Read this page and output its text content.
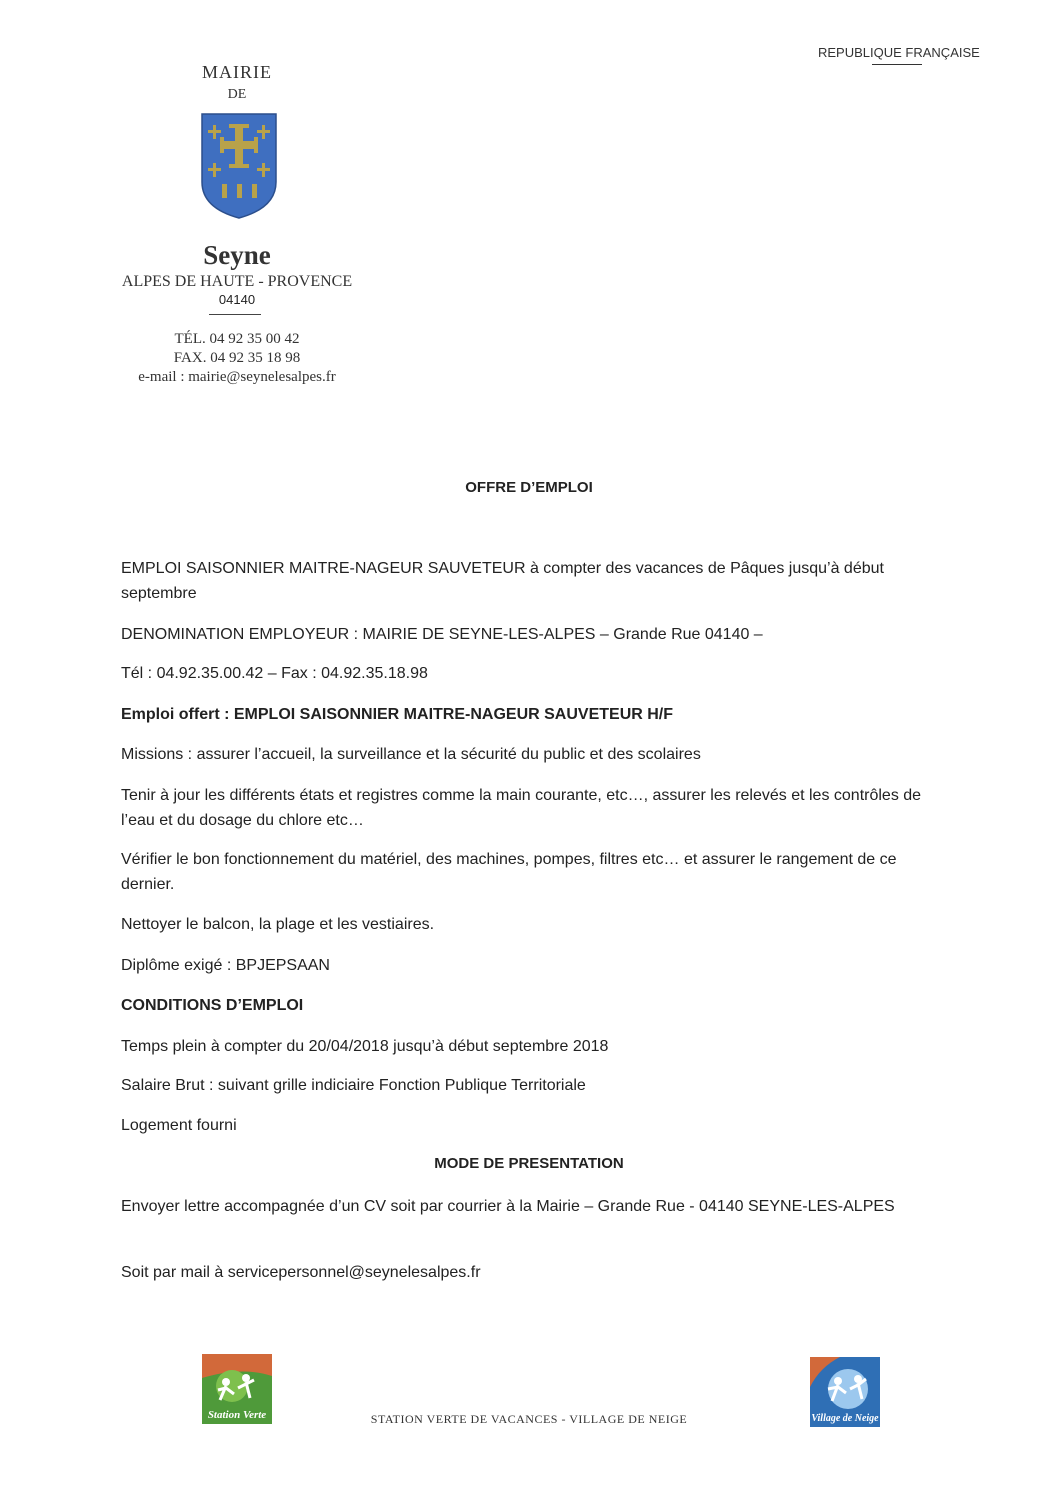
REPUBLIQUE FRANÇAISE
MAIRIE
DE
Seyne
ALPES DE HAUTE - PROVENCE
04140
TÉL. 04 92 35 00 42
FAX. 04 92 35 18 98
e-mail : mairie@seynelesalpes.fr
OFFRE D’EMPLOI
EMPLOI SAISONNIER MAITRE-NAGEUR SAUVETEUR à compter des vacances de Pâques jusqu’à début septembre
DENOMINATION EMPLOYEUR : MAIRIE DE SEYNE-LES-ALPES – Grande Rue 04140 –
Tél : 04.92.35.00.42 – Fax : 04.92.35.18.98
Emploi offert : EMPLOI SAISONNIER MAITRE-NAGEUR SAUVETEUR H/F
Missions : assurer l’accueil, la surveillance et la sécurité du public et des scolaires
Tenir à jour les différents états et registres comme la main courante, etc…, assurer les relevés et les contrôles de l’eau et du dosage du chlore etc…
Vérifier le bon fonctionnement du matériel, des machines, pompes, filtres etc… et assurer le rangement de ce dernier.
Nettoyer le balcon, la plage et les vestiaires.
Diplôme exigé : BPJEPSAAN
CONDITIONS D’EMPLOI
Temps plein à compter du 20/04/2018 jusqu’à début septembre 2018
Salaire Brut : suivant grille indiciaire Fonction Publique Territoriale
Logement fourni
MODE DE PRESENTATION
Envoyer lettre accompagnée d’un CV soit par courrier à la Mairie – Grande Rue - 04140 SEYNE-LES-ALPES
Soit par mail à servicepersonnel@seynelesalpes.fr
Station Verte	Village de Neige
STATION VERTE DE VACANCES - VILLAGE DE NEIGE
